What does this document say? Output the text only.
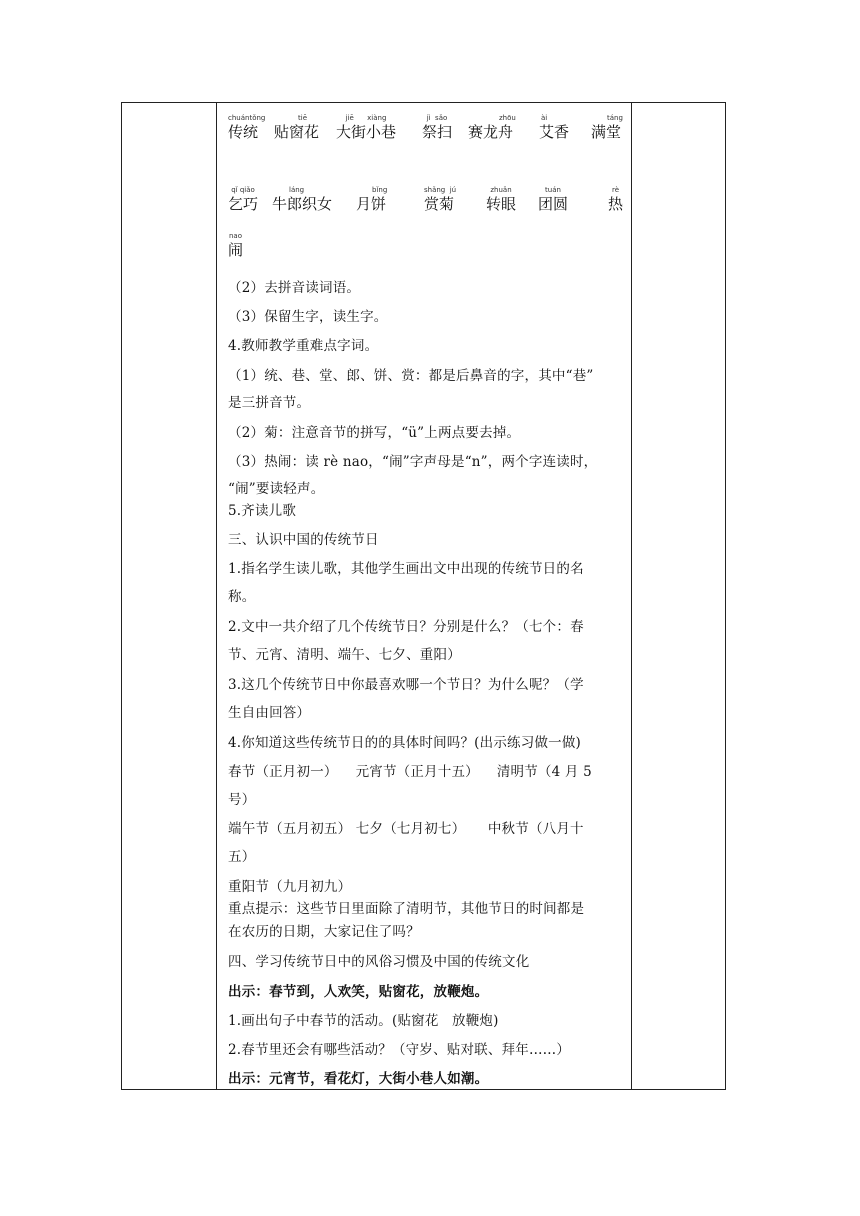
chuántǒng
传统
tiē
贴窗花
jiē      xiàng
大街小巷
jì  sǎo
祭扫
zhōu
赛龙舟
ài
艾香
táng
满堂
qǐ qiǎo
乞巧
láng
牛郎织女
bǐng
月饼
shǎng  jú
赏菊
zhuǎn
转眼
tuán
团圆
rè
热
nao
闹
（2）去拼音读词语。
（3）保留生字，读生字。
4.教师教学重难点字词。
（1）统、巷、堂、郎、饼、赏：都是后鼻音的字，其中“巷”
是三拼音节。
（2）菊：注意音节的拼写，“ü”上两点要去掉。
（3）热闹：读 rè nao，“闹”字声母是“n”，两个字连读时，
“闹”要读轻声。
5.齐读儿歌
三、认识中国的传统节日
1.指名学生读儿歌，其他学生画出文中出现的传统节日的名
称。
2.文中一共介绍了几个传统节日？分别是什么？（七个：春
节、元宵、清明、端午、七夕、重阳）
3.这几个传统节日中你最喜欢哪一个节日？为什么呢？（学
生自由回答）
4.你知道这些传统节日的的具体时间吗？(出示练习做一做)
春节（正月初一）    元宵节（正月十五）    清明节（4 月 5
号）
端午节（五月初五） 七夕（七月初七）     中秋节（八月十
五）
重阳节（九月初九）
重点提示：这些节日里面除了清明节，其他节日的时间都是
在农历的日期，大家记住了吗？
四、学习传统节日中的风俗习惯及中国的传统文化
出示：春节到，人欢笑，贴窗花，放鞭炮。
1.画出句子中春节的活动。(贴窗花   放鞭炮)
2.春节里还会有哪些活动？（守岁、贴对联、拜年……）
出示：元宵节，看花灯，大街小巷人如潮。
